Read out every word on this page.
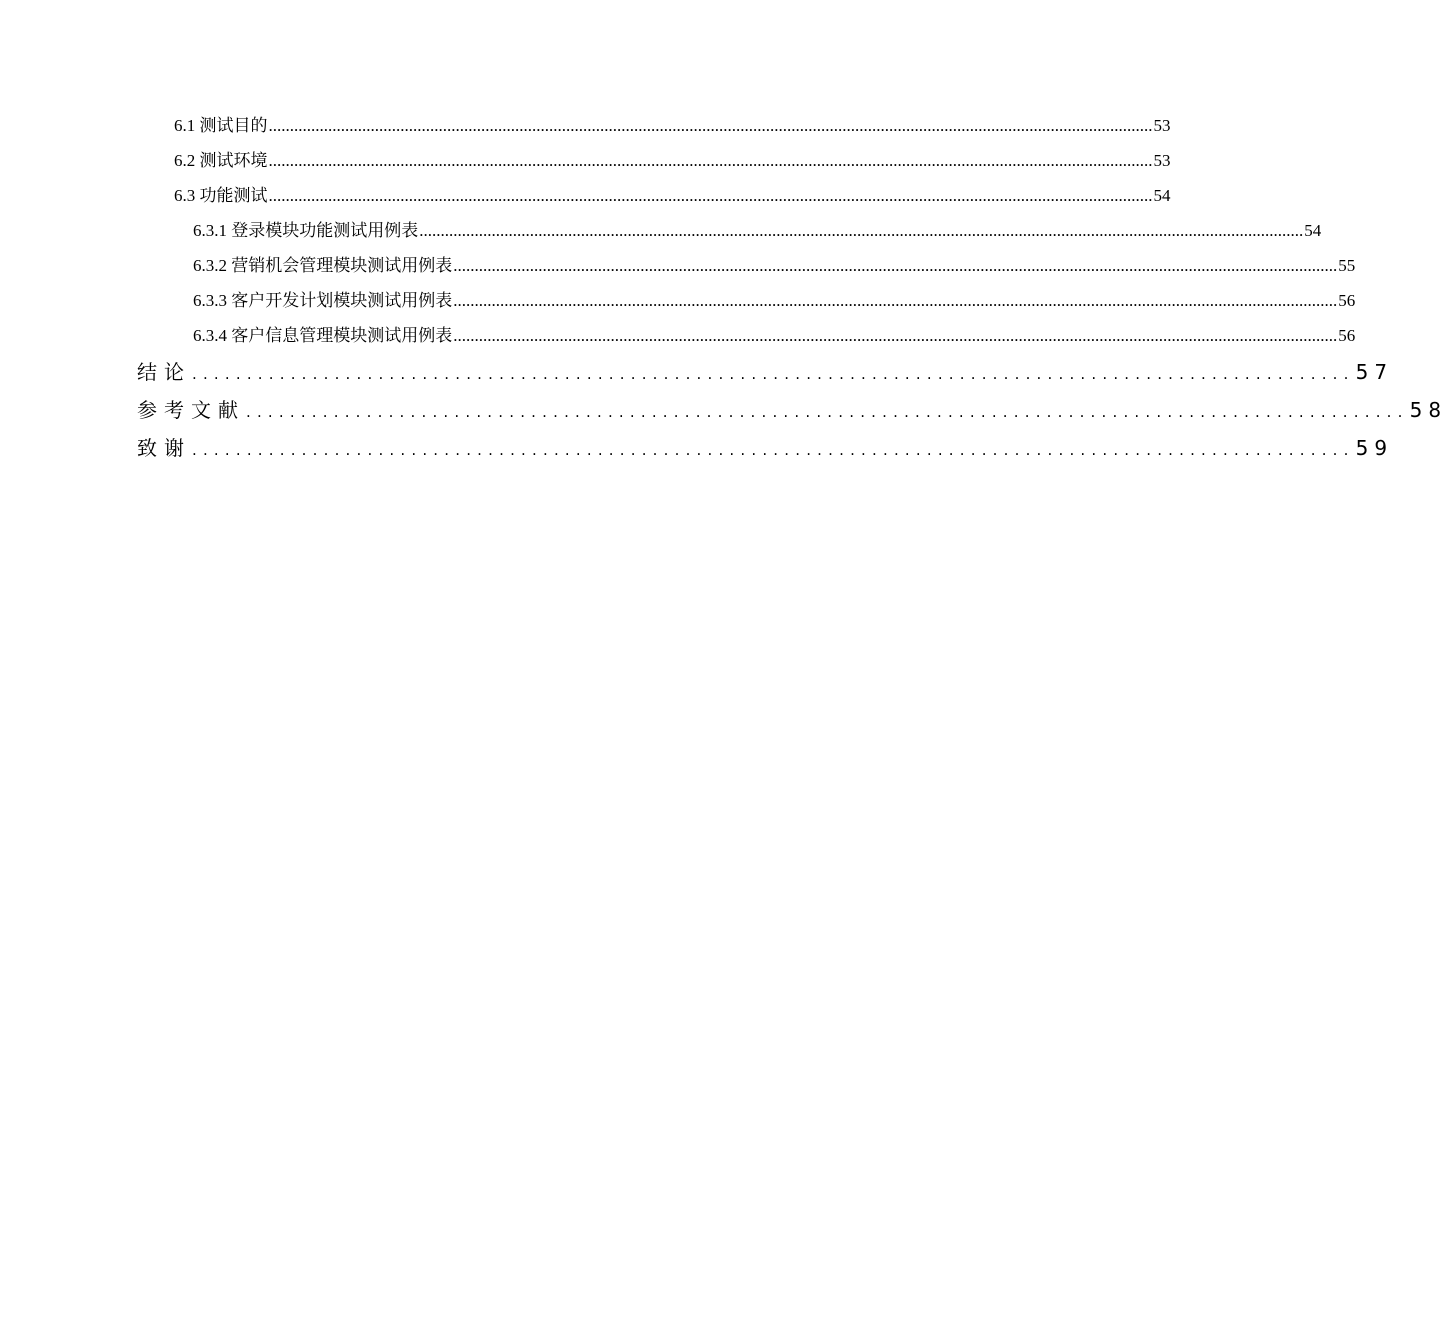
6.1 测试目的 ................................................................................................................................................................................................................ 53
6.2 测试环境 ................................................................................................................................................................................................................ 53
6.3 功能测试 ................................................................................................................................................................................................................ 54
6.3.1 登录模块功能测试用例表 ................................................................................................................................................................................................................ 54
6.3.2 营销机会管理模块测试用例表 ................................................................................................................................................................................................................ 55
6.3.3 客户开发计划模块测试用例表 ................................................................................................................................................................................................................ 56
6.3.4 客户信息管理模块测试用例表 ................................................................................................................................................................................................................ 56
结论 .......................................................................................................... 57
参考文献 .......................................................................................................... 58
致谢 .......................................................................................................... 59
